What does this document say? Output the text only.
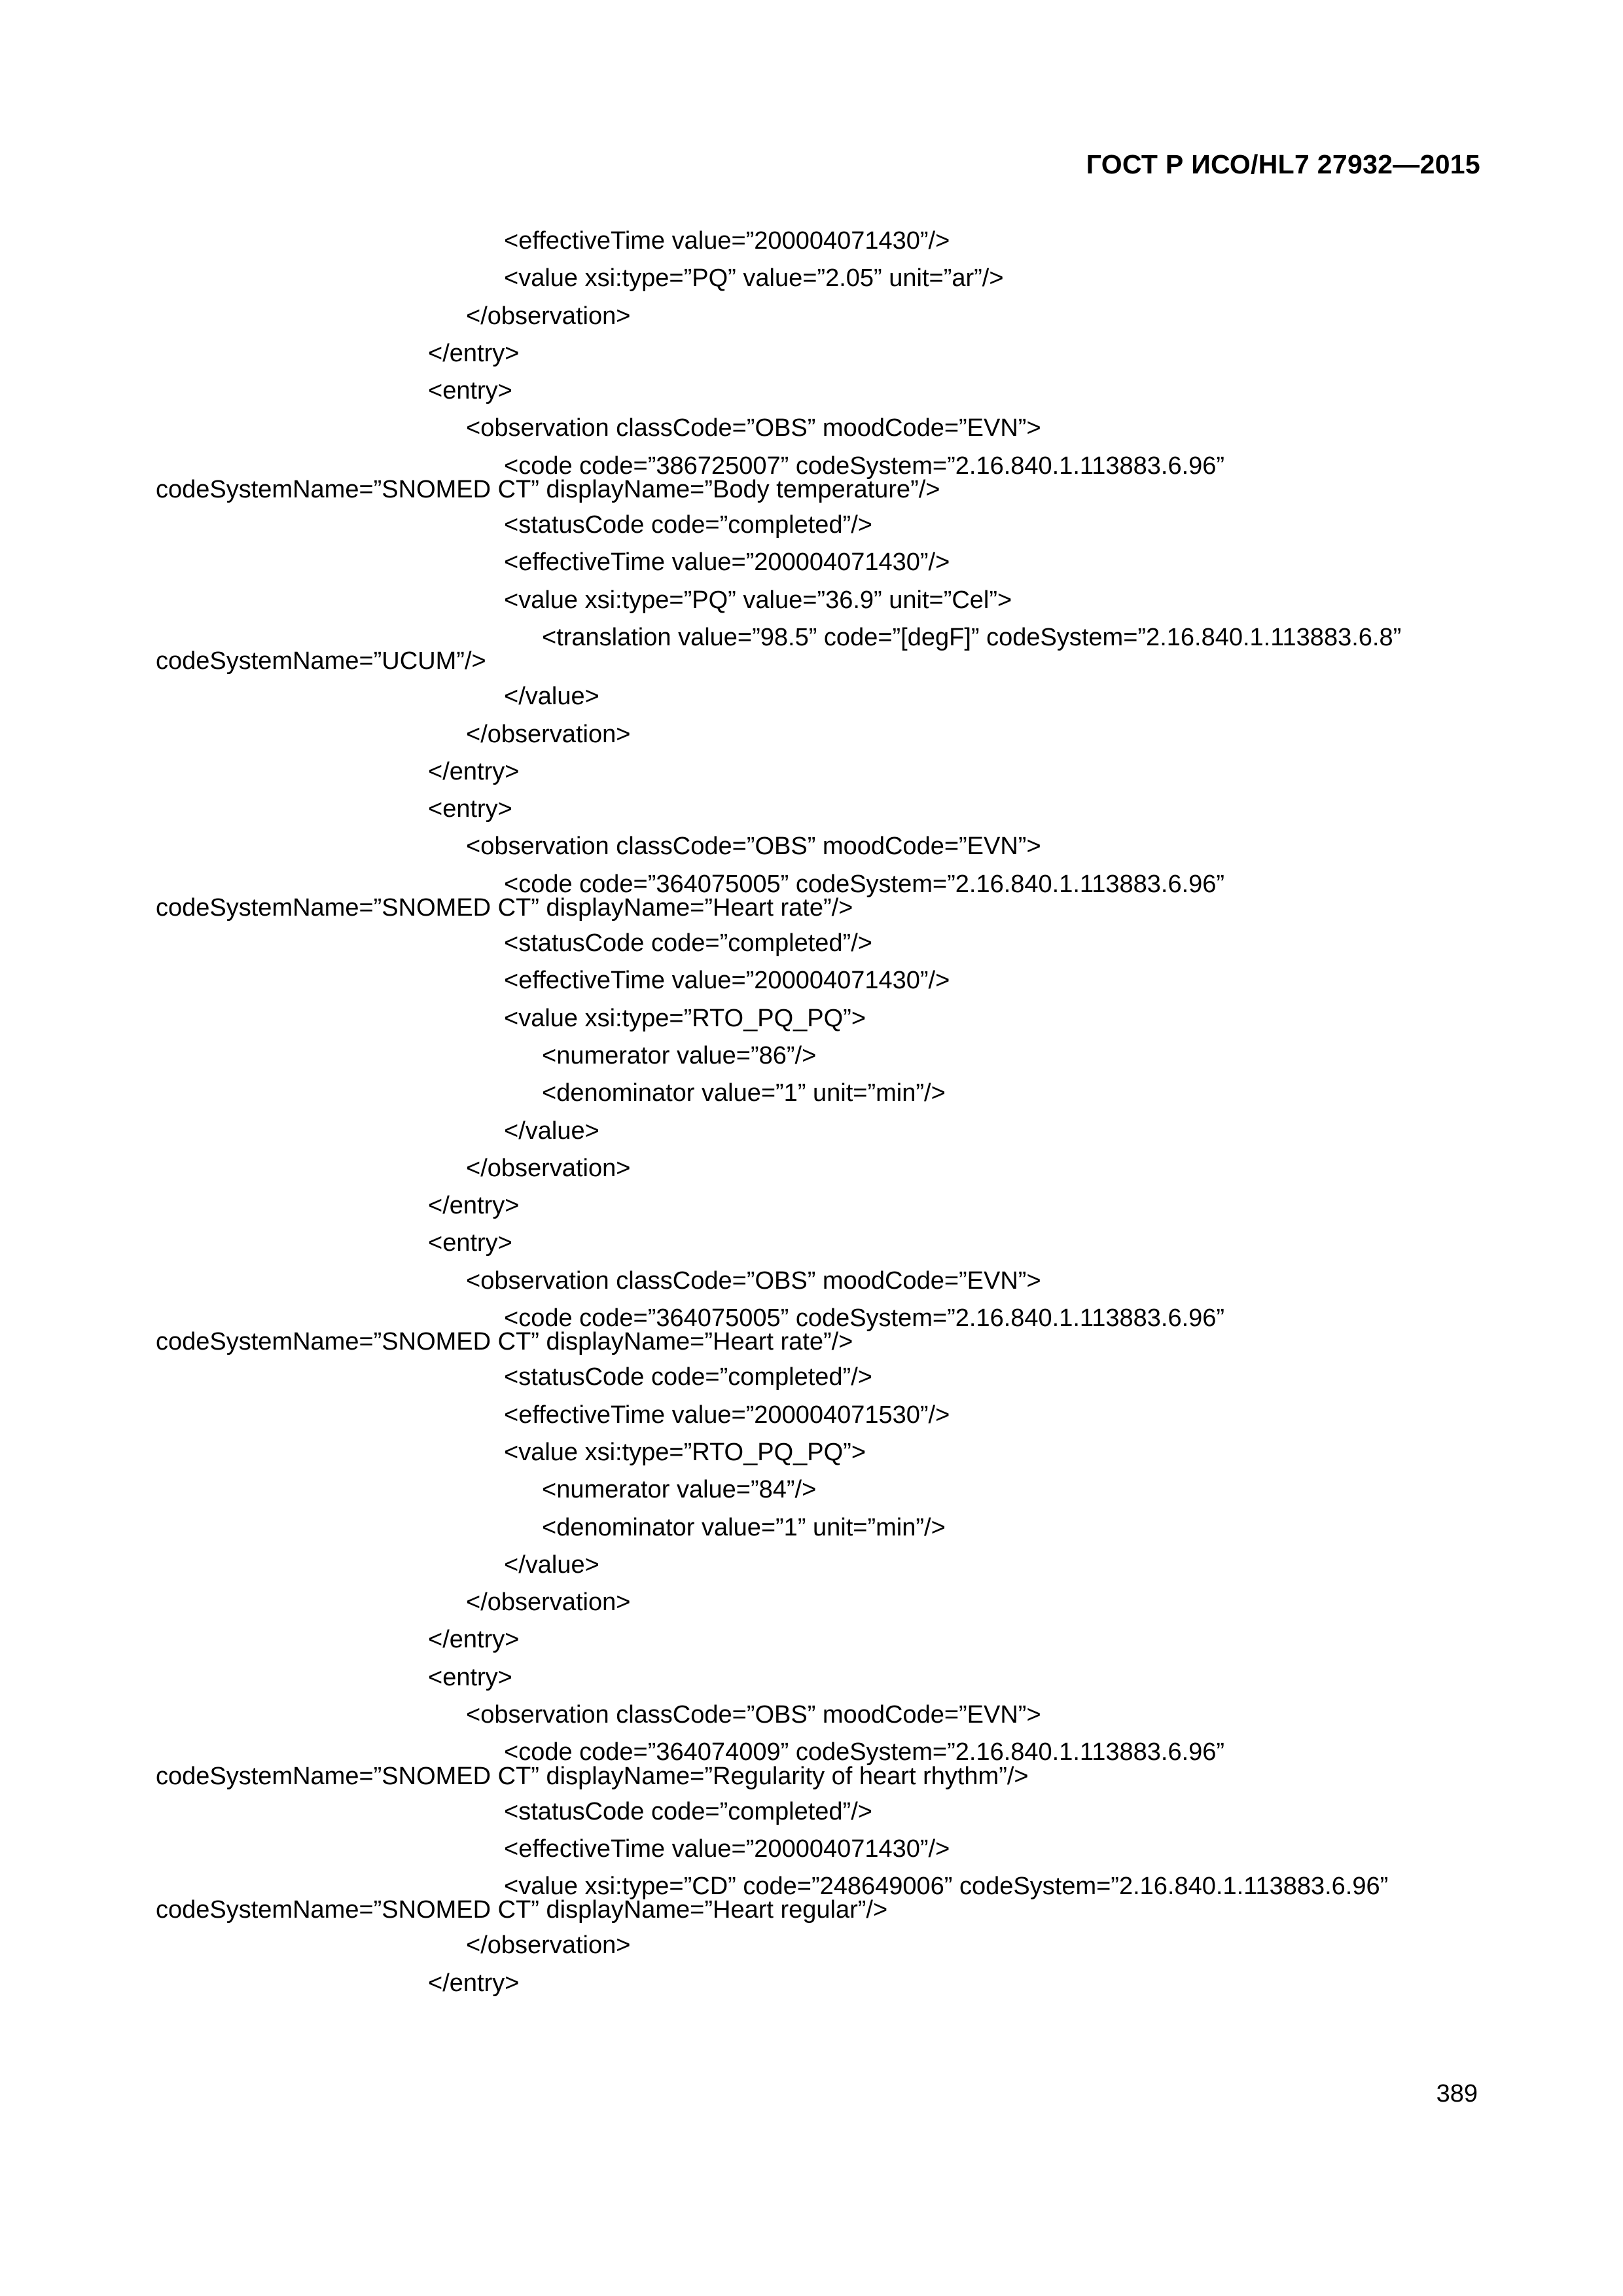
ГОСТ Р ИСО/HL7 27932—2015
<effectiveTime value=”200004071430”/>
<value xsi:type=”PQ” value=”2.05” unit=”ar”/>
</observation>
</entry>
<entry>
<observation classCode=”OBS” moodCode=”EVN”>
<code code=”386725007” codeSystem=”2.16.840.1.113883.6.96”
codeSystemName=”SNOMED CT” displayName=”Body temperature”/>
<statusCode code=”completed”/>
<effectiveTime value=”200004071430”/>
<value xsi:type=”PQ” value=”36.9” unit=”Cel”>
<translation value=”98.5” code=”[degF]” codeSystem=”2.16.840.1.113883.6.8”
codeSystemName=”UCUM”/>
</value>
</observation>
</entry>
<entry>
<observation classCode=”OBS” moodCode=”EVN”>
<code code=”364075005” codeSystem=”2.16.840.1.113883.6.96”
codeSystemName=”SNOMED CT” displayName=”Heart rate”/>
<statusCode code=”completed”/>
<effectiveTime value=”200004071430”/>
<value xsi:type=”RTO_PQ_PQ”>
<numerator value=”86”/>
<denominator value=”1” unit=”min”/>
</value>
</observation>
</entry>
<entry>
<observation classCode=”OBS” moodCode=”EVN”>
<code code=”364075005” codeSystem=”2.16.840.1.113883.6.96”
codeSystemName=”SNOMED CT” displayName=”Heart rate”/>
<statusCode code=”completed”/>
<effectiveTime value=”200004071530”/>
<value xsi:type=”RTO_PQ_PQ”>
<numerator value=”84”/>
<denominator value=”1” unit=”min”/>
</value>
</observation>
</entry>
<entry>
<observation classCode=”OBS” moodCode=”EVN”>
<code code=”364074009” codeSystem=”2.16.840.1.113883.6.96”
codeSystemName=”SNOMED CT” displayName=”Regularity of heart rhythm”/>
<statusCode code=”completed”/>
<effectiveTime value=”200004071430”/>
<value xsi:type=”CD” code=”248649006” codeSystem=”2.16.840.1.113883.6.96”
codeSystemName=”SNOMED CT” displayName=”Heart regular”/>
</observation>
</entry>
389
